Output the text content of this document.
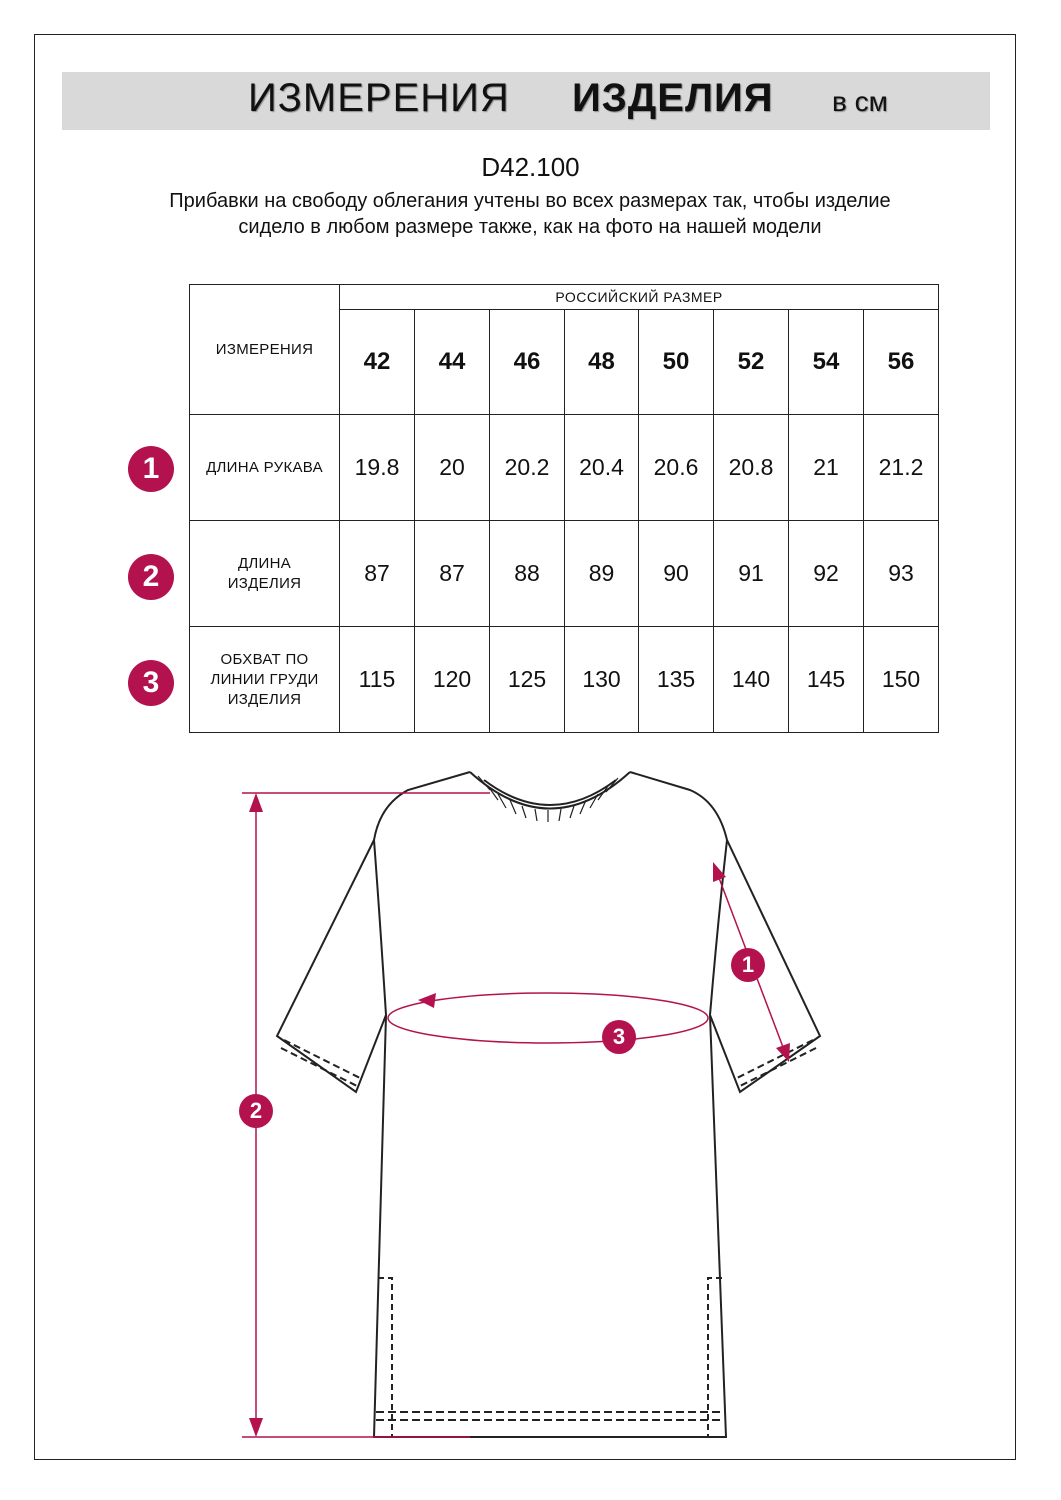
ИЗМЕРЕНИЯ ИЗДЕЛИЯ в см
D42.100
Прибавки на свободу облегания учтены во всех размерах так, чтобы изделие сидело в любом размере также, как на фото на нашей модели
ИЗМЕРЕНИЯ	РОССИЙСКИЙ РАЗМЕР							
	42	44	46	48	50	52	54	56
ДЛИНА РУКАВА	19.8	20	20.2	20.4	20.6	20.8	21	21.2
ДЛИНА ИЗДЕЛИЯ	87	87	88	89	90	91	92	93
ОБХВАТ ПО ЛИНИИ ГРУДИ ИЗДЕЛИЯ	115	120	125	130	135	140	145	150
1
2
3
1
2
3
